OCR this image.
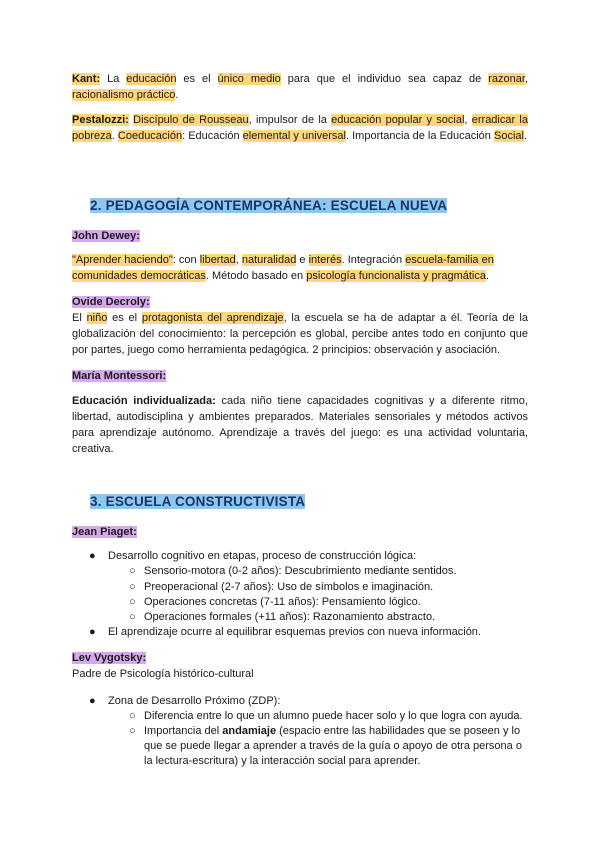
Kant: La educación es el único medio para que el individuo sea capaz de razonar, racionalismo práctico.

Pestalozzi: Discípulo de Rousseau, impulsor de la educación popular y social, erradicar la pobreza. Coeducación: Educación elemental y universal. Importancia de la Educación Social.

2. PEDAGOGÍA CONTEMPORÁNEA: ESCUELA NUEVA

John Dewey:

"Aprender haciendo": con libertad, naturalidad e interés. Integración escuela-familia en comunidades democráticas. Método basado en psicología funcionalista y pragmática.

Ovide Decroly:

El niño es el protagonista del aprendizaje, la escuela se ha de adaptar a él. Teoría de la globalización del conocimiento: la percepción es global, percibe antes todo en conjunto que por partes, juego como herramienta pedagógica. 2 principios: observación y asociación.

María Montessori:

Educación individualizada: cada niño tiene capacidades cognitivas y a diferente ritmo, libertad, autodisciplina y ambientes preparados. Materiales sensoriales y métodos activos para aprendizaje autónomo. Aprendizaje a través del juego: es una actividad voluntaria, creativa.

3. ESCUELA CONSTRUCTIVISTA

Jean Piaget:

● Desarrollo cognitivo en etapas, proceso de construcción lógica:
○ Sensorio-motora (0-2 años): Descubrimiento mediante sentidos.
○ Preoperacional (2-7 años): Uso de símbolos e imaginación.
○ Operaciones concretas (7-11 años): Pensamiento lógico.
○ Operaciones formales (+11 años): Razonamiento abstracto.
● El aprendizaje ocurre al equilibrar esquemas previos con nueva información.

Lev Vygotsky:

Padre de Psicología histórico-cultural

● Zona de Desarrollo Próximo (ZDP):
○ Diferencia entre lo que un alumno puede hacer solo y lo que logra con ayuda.
○ Importancia del andamiaje (espacio entre las habilidades que se poseen y lo que se puede llegar a aprender a través de la guía o apoyo de otra persona o la lectura-escritura) y la interacción social para aprender.
